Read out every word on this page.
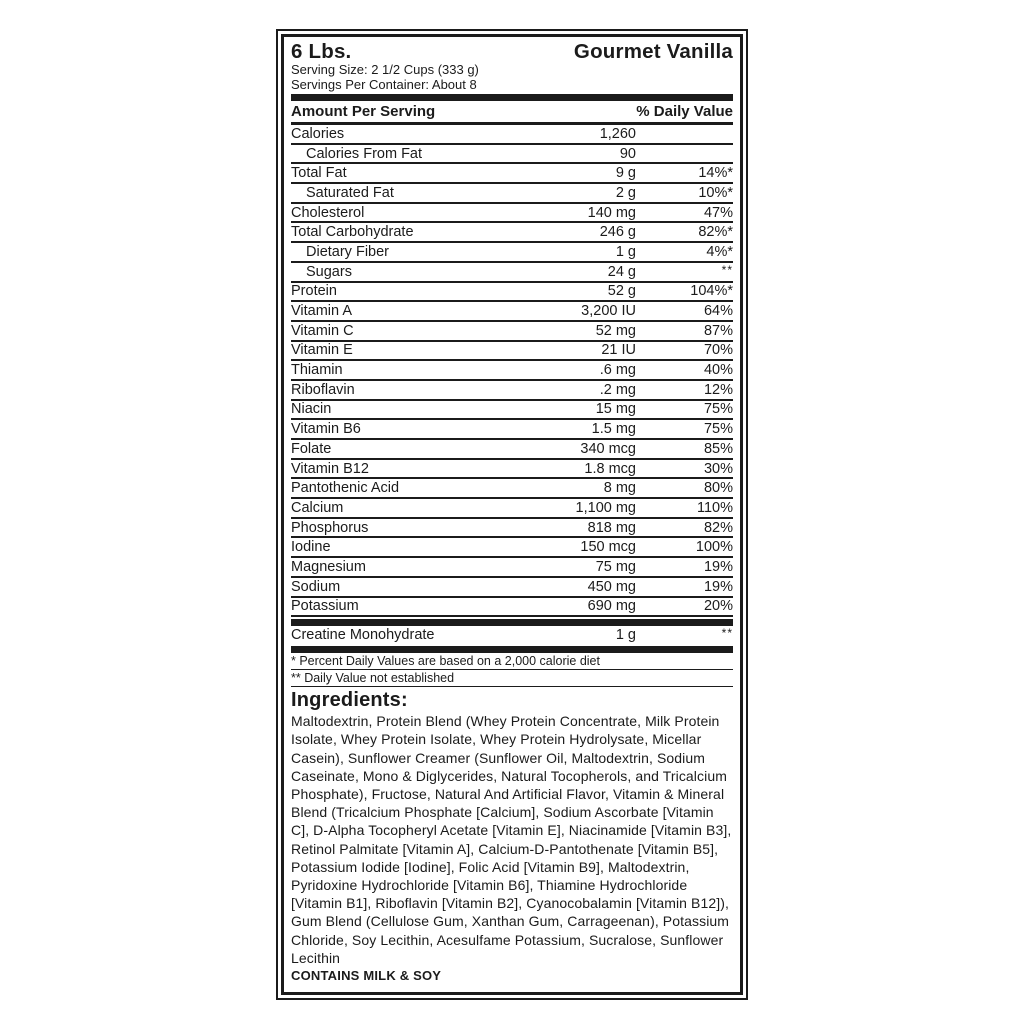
6 Lbs.	Gourmet Vanilla
Serving Size: 2 1/2 Cups (333 g)
Servings Per Container: About 8
Amount Per Serving	% Daily Value
Calories	1,260
Calories From Fat	90
Total Fat	9 g	14%*
Saturated Fat	2 g	10%*
Cholesterol	140 mg	47%
Total Carbohydrate	246 g	82%*
Dietary Fiber	1 g	4%*
Sugars	24 g	**
Protein	52 g	104%*
Vitamin A	3,200 IU	64%
Vitamin C	52 mg	87%
Vitamin E	21 IU	70%
Thiamin	.6 mg	40%
Riboflavin	.2 mg	12%
Niacin	15 mg	75%
Vitamin B6	1.5 mg	75%
Folate	340 mcg	85%
Vitamin B12	1.8 mcg	30%
Pantothenic Acid	8 mg	80%
Calcium	1,100 mg	110%
Phosphorus	818 mg	82%
Iodine	150 mcg	100%
Magnesium	75 mg	19%
Sodium	450 mg	19%
Potassium	690 mg	20%
Creatine Monohydrate	1 g	**
* Percent Daily Values are based on a 2,000 calorie diet
** Daily Value not established
Ingredients:
Maltodextrin, Protein Blend (Whey Protein Concentrate, Milk Protein Isolate, Whey Protein Isolate, Whey Protein Hydrolysate, Micellar Casein), Sunflower Creamer (Sunflower Oil, Maltodextrin, Sodium Caseinate, Mono & Diglycerides, Natural Tocopherols, and Tricalcium Phosphate), Fructose, Natural And Artificial Flavor, Vitamin & Mineral Blend (Tricalcium Phosphate [Calcium], Sodium Ascorbate [Vitamin C], D-Alpha Tocopheryl Acetate [Vitamin E], Niacinamide [Vitamin B3], Retinol Palmitate [Vitamin A], Calcium-D-Pantothenate [Vitamin B5], Potassium Iodide [Iodine], Folic Acid [Vitamin B9], Maltodextrin, Pyridoxine Hydrochloride [Vitamin B6], Thiamine Hydrochloride [Vitamin B1], Riboflavin [Vitamin B2], Cyanocobalamin [Vitamin B12]), Gum Blend (Cellulose Gum, Xanthan Gum, Carrageenan), Potassium Chloride, Soy Lecithin, Acesulfame Potassium, Sucralose, Sunflower Lecithin
CONTAINS MILK & SOY
